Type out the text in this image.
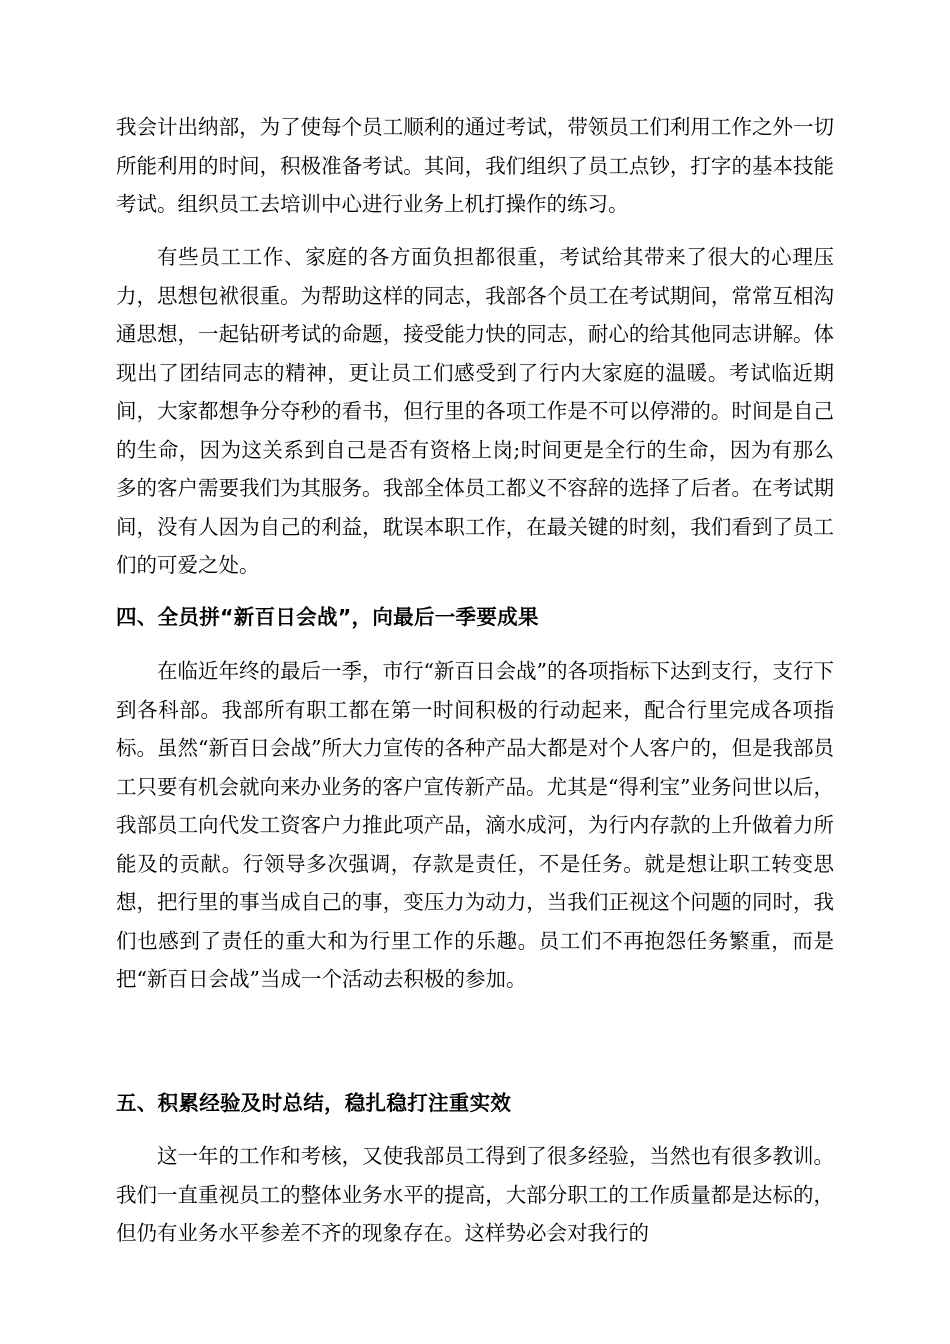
我会计出纳部，为了使每个员工顺利的通过考试，带领员工们利用工作之外一切所能利用的时间，积极准备考试。其间，我们组织了员工点钞，打字的基本技能考试。组织员工去培训中心进行业务上机打操作的练习。

有些员工工作、家庭的各方面负担都很重，考试给其带来了很大的心理压力，思想包袱很重。为帮助这样的同志，我部各个员工在考试期间，常常互相沟通思想，一起钻研考试的命题，接受能力快的同志，耐心的给其他同志讲解。体现出了团结同志的精神，更让员工们感受到了行内大家庭的温暖。考试临近期间，大家都想争分夺秒的看书，但行里的各项工作是不可以停滞的。时间是自己的生命，因为这关系到自己是否有资格上岗;时间更是全行的生命，因为有那么多的客户需要我们为其服务。我部全体员工都义不容辞的选择了后者。在考试期间，没有人因为自己的利益，耽误本职工作，在最关键的时刻，我们看到了员工们的可爱之处。

四、全员拼“新百日会战”，向最后一季要成果

在临近年终的最后一季，市行“新百日会战”的各项指标下达到支行，支行下到各科部。我部所有职工都在第一时间积极的行动起来，配合行里完成各项指标。虽然“新百日会战”所大力宣传的各种产品大都是对个人客户的，但是我部员工只要有机会就向来办业务的客户宣传新产品。尤其是“得利宝”业务问世以后，我部员工向代发工资客户力推此项产品，滴水成河，为行内存款的上升做着力所能及的贡献。行领导多次强调，存款是责任，不是任务。就是想让职工转变思想，把行里的事当成自己的事，变压力为动力，当我们正视这个问题的同时，我们也感到了责任的重大和为行里工作的乐趣。员工们不再抱怨任务繁重，而是把“新百日会战”当成一个活动去积极的参加。

五、积累经验及时总结，稳扎稳打注重实效

这一年的工作和考核，又使我部员工得到了很多经验，当然也有很多教训。我们一直重视员工的整体业务水平的提高，大部分职工的工作质量都是达标的，但仍有业务水平参差不齐的现象存在。这样势必会对我行的
